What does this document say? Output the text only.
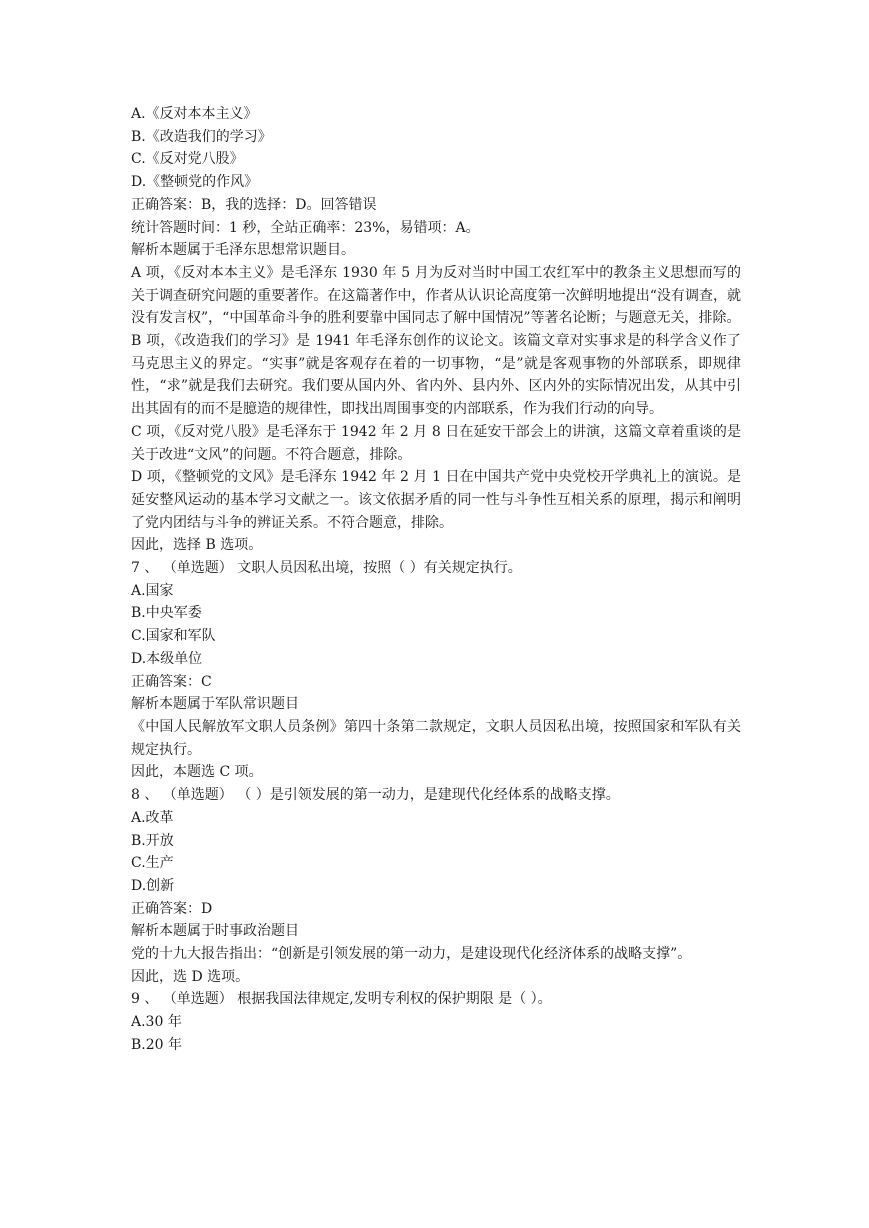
A.《反对本本主义》

B.《改造我们的学习》

C.《反对党八股》

D.《整顿党的作风》

正确答案：B，我的选择：D。回答错误

统计答题时间：1 秒，全站正确率：23%，易错项：A。

解析本题属于毛泽东思想常识题目。

A 项，《反对本本主义》是毛泽东 1930 年 5 月为反对当时中国工农红军中的教条主义思想而写的关于调查研究问题的重要著作。在这篇著作中，作者从认识论高度第一次鲜明地提出“没有调查，就没有发言权”，“中国革命斗争的胜利要靠中国同志了解中国情况”等著名论断；与题意无关，排除。

B 项，《改造我们的学习》是 1941 年毛泽东创作的议论文。该篇文章对实事求是的科学含义作了马克思主义的界定。“实事”就是客观存在着的一切事物，“是”就是客观事物的外部联系，即规律性，“求”就是我们去研究。我们要从国内外、省内外、县内外、区内外的实际情况出发，从其中引出其固有的而不是臆造的规律性，即找出周围事变的内部联系，作为我们行动的向导。

C 项，《反对党八股》是毛泽东于 1942 年 2 月 8 日在延安干部会上的讲演，这篇文章着重谈的是关于改进“文风”的问题。不符合题意，排除。

D 项，《整顿党的文风》是毛泽东 1942 年 2 月 1 日在中国共产党中央党校开学典礼上的演说。是延安整风运动的基本学习文献之一。该文依据矛盾的同一性与斗争性互相关系的原理，揭示和阐明了党内团结与斗争的辨证关系。不符合题意，排除。

因此，选择 B 选项。

7 、 （单选题） 文职人员因私出境，按照（ ）有关规定执行。

A.国家

B.中央军委

C.国家和军队

D.本级单位

正确答案：C

解析本题属于军队常识题目

《中国人民解放军文职人员条例》第四十条第二款规定，文职人员因私出境，按照国家和军队有关规定执行。

因此，本题选 C 项。

8 、 （单选题） （ ）是引领发展的第一动力，是建现代化经体系的战略支撑。

A.改革

B.开放

C.生产

D.创新

正确答案：D

解析本题属于时事政治题目

党的十九大报告指出：“创新是引领发展的第一动力，是建设现代化经济体系的战略支撑”。

因此，选 D 选项。

9 、 （单选题） 根据我国法律规定,发明专利权的保护期限 是（ ）。

A.30 年

B.20 年
